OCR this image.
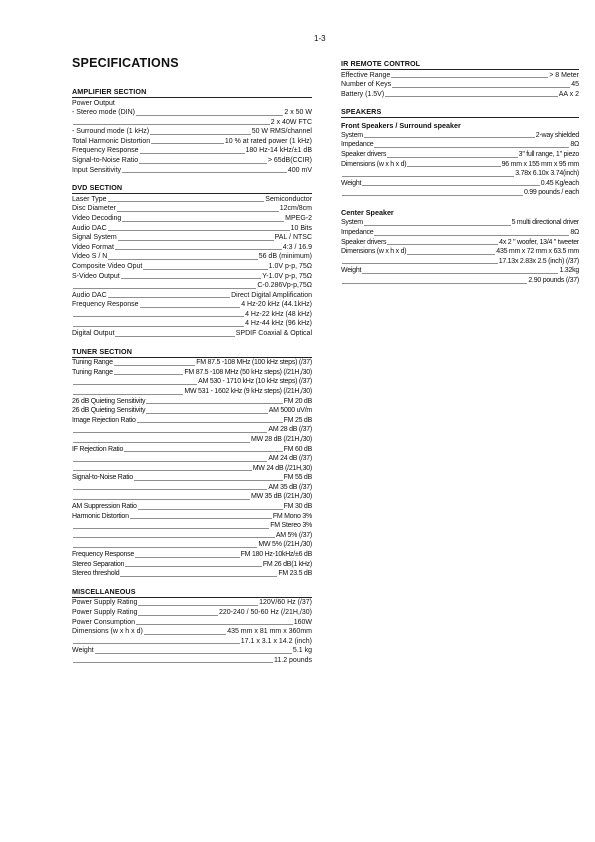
1-3
SPECIFICATIONS
AMPLIFIER SECTION
Power Output
- Stereo mode (DIN)	2 x 50 W
2 x 40W FTC
- Surround mode (1 kHz)	50 W RMS/channel
Total Harmonic Distortion	10 % at rated power (1 kHz)
Frequency Response	180 Hz-14 kHz/±1 dB
Signal-to-Noise Ratio	> 65dB(CCIR)
Input Sensitivity	400 mV
DVD SECTION
Laser Type	Semiconductor
Disc Diameter	12cm/8cm
Video Decoding	MPEG-2
Audio DAC	10 Bits
Signal System	PAL / NTSC
Video Format	4:3 / 16.9
Video S / N	56 dB (minimum)
Composite Video Oput	1.0V p-p, 75Ω
S-Video Output	Y-1.0V p-p, 75Ω
C-0.286Vp-p,75Ω
Audio DAC	Direct Digital Amplification
Frequency Response	4 Hz-20 kHz (44.1kHz)
4 Hz-22 kHz (48 kHz)
4 Hz-44 kHz (96 kHz)
Digital Output	SPDIF Coaxial & Optical
TUNER SECTION
Tuning Range	FM 87.5 -108 MHz (100 kHz steps) (/37)
Tuning Range	FM 87.5 -108 MHz (50 kHz steps) (/21H,/30)
AM 530 - 1710 kHz (10 kHz steps) (/37)
MW 531 - 1602 kHz (9 kHz steps) (/21H,/30)
26 dB Quieting Sensitivity	FM 20 dB
26 dB Quieting Sensitivity	AM 5000 uV/m
Image Rejection Ratio	FM 25 dB
AM 28 dB (/37)
MW 28 dB (/21H,/30)
IF Rejection Ratio	FM 60 dB
AM 24 dB (/37)
MW 24 dB (/21H,30)
Signal-to-Noise Ratio	FM 55 dB
AM 35 dB (/37)
MW 35 dB (/21H,/30)
AM Suppression Ratio	FM 30 dB
Harmonic Distortion	FM Mono 3%
FM Stereo 3%
AM 5% (/37)
MW 5% (/21H,/30)
Frequency Response	FM 180 Hz-10kHz/±6 dB
Stereo Separation	FM 26 dB(1 kHz)
Stereo threshold	FM 23.5 dB
MISCELLANEOUS
Power Supply Rating	120V/60 Hz (/37)
Power Supply Rating	220-240 / 50-60 Hz (/21H,/30)
Power Consumption	160W
Dimensions (w x h x d)	435 mm x 81 mm x 360mm
17.1 x 3.1 x 14.2 (inch)
Weight	5.1 kg
11.2 pounds
IR REMOTE CONTROL
Effective Range	> 8 Meter
Number of Keys	45
Battery (1.5V)	AA x 2
SPEAKERS
Front Speakers / Surround speaker
System	2-way shielded
Impedance	8Ω
Speaker drivers	3" full range, 1" piezo
Dimensions (w x h x d)	96 mm x 155 mm x 95 mm
3.78x 6.10x 3.74(inch)
Weight	0.45 Kg/each
0.99 pounds / each
Center Speaker
System	5 multi directional driver
Impedance	8Ω
Speaker drivers	4x 2 " woofer, 13/4 " tweeter
Dimensions (w x h x d)	435 mm x 72 mm x 63.5 mm
17.13x 2.83x 2.5 (inch) (/37)
Weight	1.32kg
2.90 pounds (/37)
